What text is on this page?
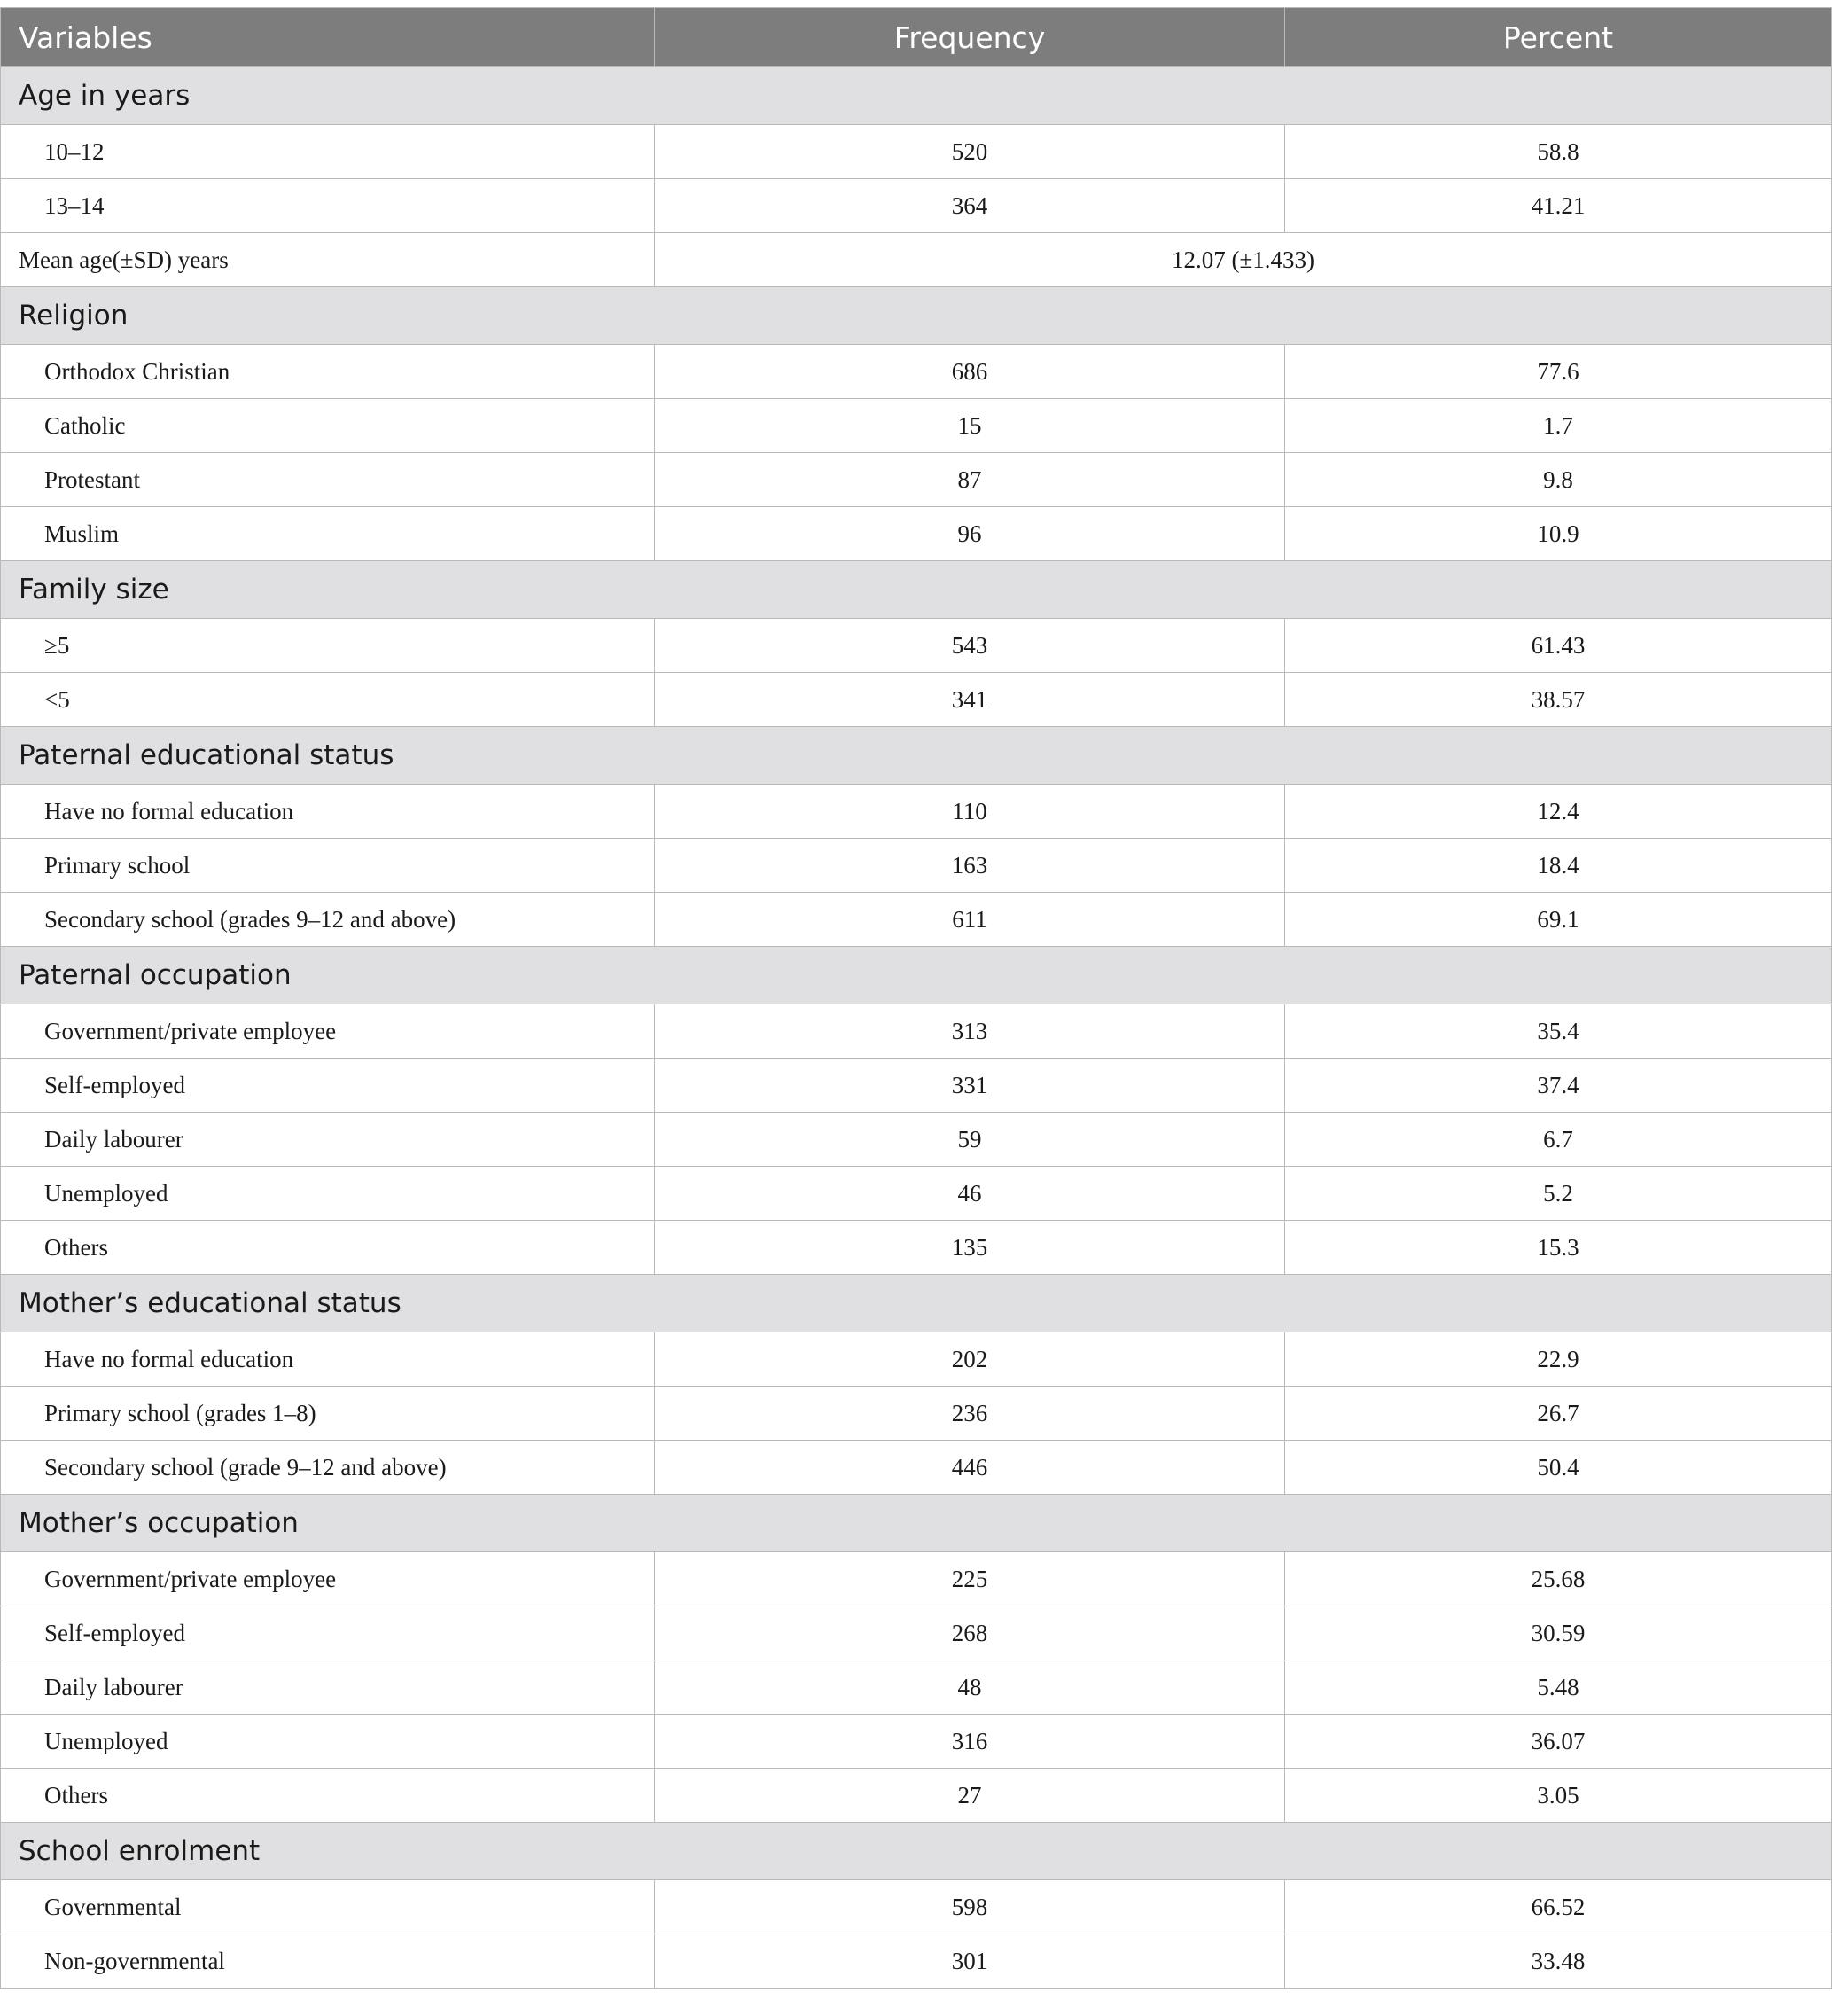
Variables	Frequency	Percent
Age in years		
10–12	520	58.8
13–14	364	41.21
Mean age(±SD) years	12.07 (±1.433)	
Religion		
Orthodox Christian	686	77.6
Catholic	15	1.7
Protestant	87	9.8
Muslim	96	10.9
Family size		
≥5	543	61.43
<5	341	38.57
Paternal educational status		
Have no formal education	110	12.4
Primary school	163	18.4
Secondary school (grades 9–12 and above)	611	69.1
Paternal occupation		
Government/private employee	313	35.4
Self-employed	331	37.4
Daily labourer	59	6.7
Unemployed	46	5.2
Others	135	15.3
Mother’s educational status		
Have no formal education	202	22.9
Primary school (grades 1–8)	236	26.7
Secondary school (grade 9–12 and above)	446	50.4
Mother’s occupation		
Government/private employee	225	25.68
Self-employed	268	30.59
Daily labourer	48	5.48
Unemployed	316	36.07
Others	27	3.05
School enrolment		
Governmental	598	66.52
Non-governmental	301	33.48
